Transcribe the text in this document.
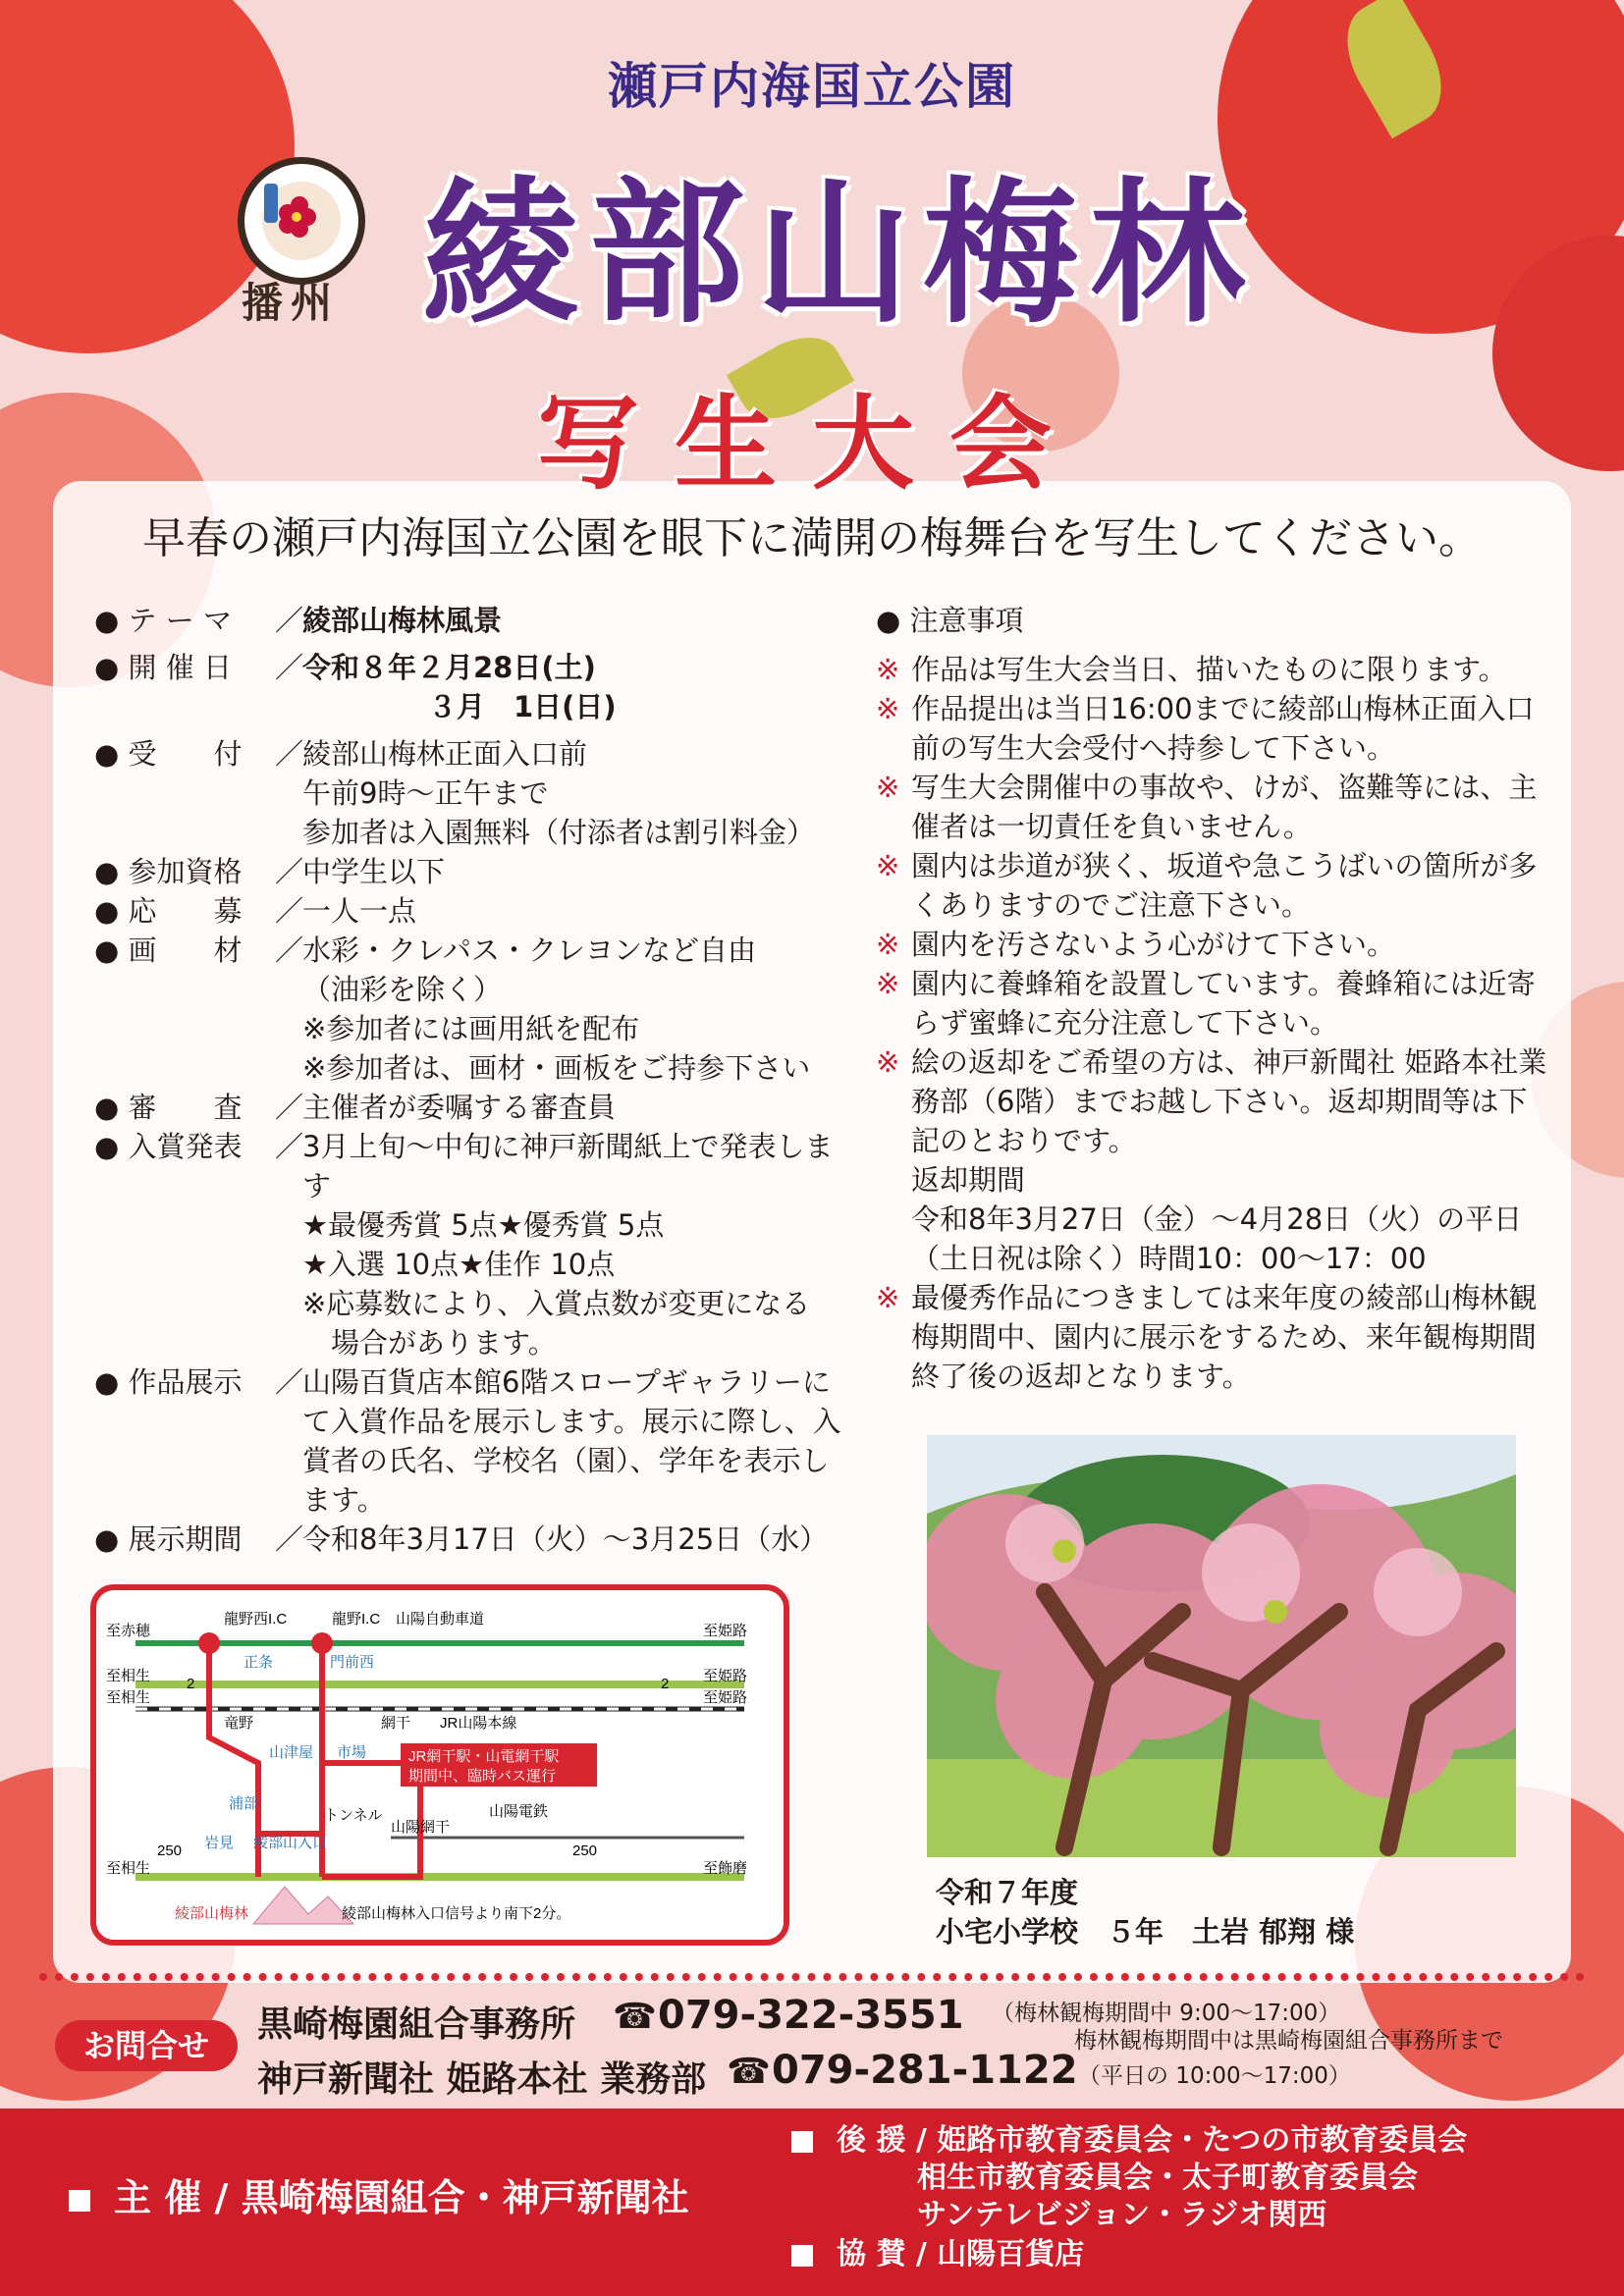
瀬戸内海国立公園
播州 綾部山梅林
写生大会
早春の瀬戸内海国立公園を眼下に満開の梅舞台を写生してください。
● テ ー マ	／
綾部山梅林風景
● 開 催 日	／
令和８年２月28日(土)
３月　1日(日)
● 受　　付	／
綾部山梅林正面入口前
午前9時〜正午まで
参加者は入園無料（付添者は割引料金）
● 参加資格	／
中学生以下
● 応　　募	／
一人一点
● 画　　材	／
水彩・クレパス・クレヨンなど自由
（油彩を除く）
※参加者には画用紙を配布
※参加者は、画材・画板をご持参下さい
● 審　　査	／
主催者が委嘱する審査員
● 入賞発表	／
3月上旬〜中旬に神戸新聞紙上で発表します
★最優秀賞 5点★優秀賞 5点
★入選 10点★佳作 10点
※応募数により、入賞点数が変更になる
　場合があります。
● 作品展示	／
山陽百貨店本館6階スロープギャラリーにて入賞作品を展示します。展示に際し、入賞者の氏名、学校名（園）、学年を表示します。
● 展示期間	／
令和8年3月17日（火）〜3月25日（水）
● 注意事項
※ 作品は写生大会当日、描いたものに限ります。
※ 作品提出は当日16:00までに綾部山梅林正面入口前の写生大会受付へ持参して下さい。
※ 写生大会開催中の事故や、けが、盗難等には、主催者は一切責任を負いません。
※ 園内は歩道が狭く、坂道や急こうばいの箇所が多くありますのでご注意下さい。
※ 園内を汚さないよう心がけて下さい。
※ 園内に養蜂箱を設置しています。養蜂箱には近寄らず蜜蜂に充分注意して下さい。
※ 絵の返却をご希望の方は、神戸新聞社 姫路本社業務部（6階）までお越し下さい。返却期間等は下記のとおりです。
返却期間
令和8年3月27日（金）〜4月28日（火）の平日（土日祝は除く）時間10：00〜17：00
※ 最優秀作品につきましては来年度の綾部山梅林観梅期間中、園内に展示をするため、来年観梅期間終了後の返却となります。
令和７年度
小宅小学校　５年　土岩 郁翔 様
龍野西I.C	龍野I.C 山陽自動車道
至赤穂
至相生
至相生
至相生
至姫路
至姫路
至姫路
至飾磨
2	2
250	250
正条	門前西
竜野	網干 JR山陽本線
山津屋 市場
浦部
岩見 綾部山入口
トンネル
山陽網干
山陽電鉄
JR網干駅・山電網干駅
期間中、臨時バス運行
綾部山梅林	綾部山梅林入口信号より南下2分。
お問合せ
黒崎梅園組合事務所 ☎ 079-322-3551 （梅林観梅期間中 9:00〜17:00）
梅林観梅期間中は黒崎梅園組合事務所まで
神戸新聞社 姫路本社 業務部 ☎ 079-281-1122 （平日の 10:00〜17:00）
主 催 / 黒崎梅園組合・神戸新聞社
後 援 / 姫路市教育委員会・たつの市教育委員会
相生市教育委員会・太子町教育委員会
サンテレビジョン・ラジオ関西
協 賛 / 山陽百貨店
